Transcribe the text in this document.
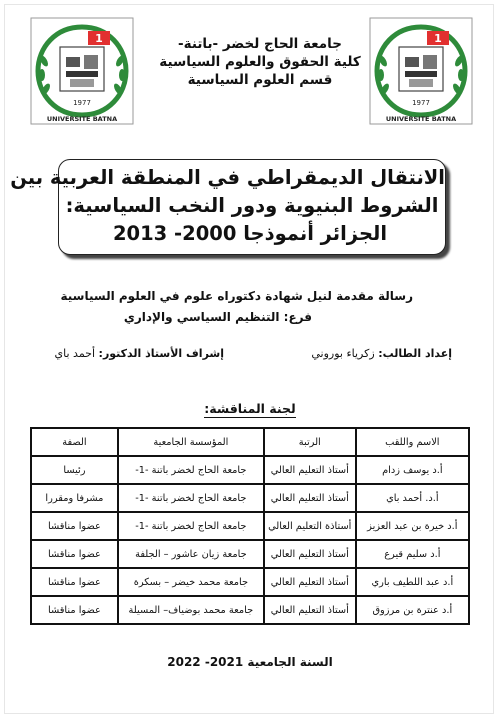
1
1977
UNIVERSITE BATNA
1
1977
UNIVERSITE BATNA
جامعة الحاج لخضر -باتنة-
كلية الحقوق والعلوم السياسية
قسم العلوم السياسية
الانتقال الديمقراطي في المنطقة العربية بين
الشروط البنيوية ودور النخب السياسية:
الجزائر أنموذجا 2000- 2013
رسالة مقدمة لنيل شهادة دكتوراه علوم في العلوم السياسية
فرع: التنظيم السياسي والإداري
إعداد الطالب: زكرياء بوروني
إشراف الأستاذ الدكتور: أحمد باي
لجنة المناقشة:
الاسم واللقب	الرتبة	المؤسسة الجامعية	الصفة
أ.د يوسف زدام	أستاذ التعليم العالي	جامعة الحاج لخضر باتنة -1-	رئيسا
أ.د. أحمد باي	أستاذ التعليم العالي	جامعة الحاج لخضر باتنة -1-	مشرفا ومقررا
أ.د خيرة بن عبد العزيز	أستاذة التعليم العالي	جامعة الحاج لخضر باتنة -1-	عضوا مناقشا
أ.د سليم قيرع	أستاذ التعليم العالي	جامعة زيان عاشور – الجلفة	عضوا مناقشا
أ.د عبد اللطيف باري	أستاذ التعليم العالي	جامعة محمد خيضر – بسكرة	عضوا مناقشا
أ.د عنترة بن مرزوق	أستاذ التعليم العالي	جامعة محمد بوضياف– المسيلة	عضوا مناقشا
السنة الجامعية 2021- 2022
